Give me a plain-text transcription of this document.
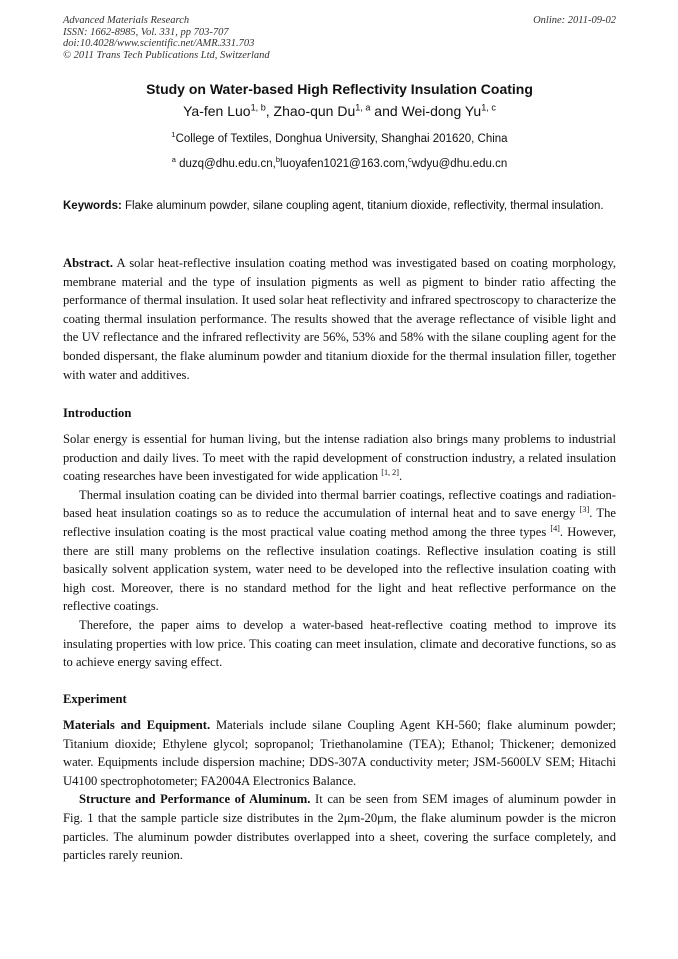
Advanced Materials Research
ISSN: 1662-8985, Vol. 331, pp 703-707
doi:10.4028/www.scientific.net/AMR.331.703
© 2011 Trans Tech Publications Ltd, Switzerland
Online: 2011-09-02
Study on Water-based High Reflectivity Insulation Coating
Ya-fen Luo$^{1, b}$, Zhao-qun Du$^{1, a}$ and Wei-dong Yu$^{1, c}$
$^1$College of Textiles, Donghua University, Shanghai 201620, China
$^a$ duzq@dhu.edu.cn,$^b$luoyafen1021@163.com,$^c$wdyu@dhu.edu.cn
Keywords: Flake aluminum powder, silane coupling agent, titanium dioxide, reflectivity, thermal insulation.

Abstract. A solar heat-reflective insulation coating method was investigated based on coating morphology, membrane material and the type of insulation pigments as well as pigment to binder ratio affecting the performance of thermal insulation. It used solar heat reflectivity and infrared spectroscopy to characterize the coating thermal insulation performance. The results showed that the average reflectance of visible light and the UV reflectance and the infrared reflectivity are 56%, 53% and 58% with the silane coupling agent for the bonded dispersant, the flake aluminum powder and titanium dioxide for the thermal insulation filler, together with water and additives.

Introduction

Solar energy is essential for human living, but the intense radiation also brings many problems to industrial production and daily lives. To meet with the rapid development of construction industry, a related insulation coating researches have been investigated for wide application [1, 2].

Thermal insulation coating can be divided into thermal barrier coatings, reflective coatings and radiation-based heat insulation coatings so as to reduce the accumulation of internal heat and to save energy [3]. The reflective insulation coating is the most practical value coating method among the three types [4]. However, there are still many problems on the reflective insulation coatings. Reflective insulation coating is still basically solvent application system, water need to be developed into the reflective insulation coating with high cost. Moreover, there is no standard method for the light and heat reflective performance on the reflective coatings.

Therefore, the paper aims to develop a water-based heat-reflective coating method to improve its insulating properties with low price. This coating can meet insulation, climate and decorative functions, so as to achieve energy saving effect.

Experiment

Materials and Equipment. Materials include silane Coupling Agent KH-560; flake aluminum powder; Titanium dioxide; Ethylene glycol; sopropanol; Triethanolamine (TEA); Ethanol; Thickener; demonized water. Equipments include dispersion machine; DDS-307A conductivity meter; JSM-5600LV SEM; Hitachi U4100 spectrophotometer; FA2004A Electronics Balance.

Structure and Performance of Aluminum. It can be seen from SEM images of aluminum powder in Fig. 1 that the sample particle size distributes in the 2μm-20μm, the flake aluminum powder is the micron particles. The aluminum powder distributes overlapped into a sheet, covering the surface completely, and particles rarely reunion.
